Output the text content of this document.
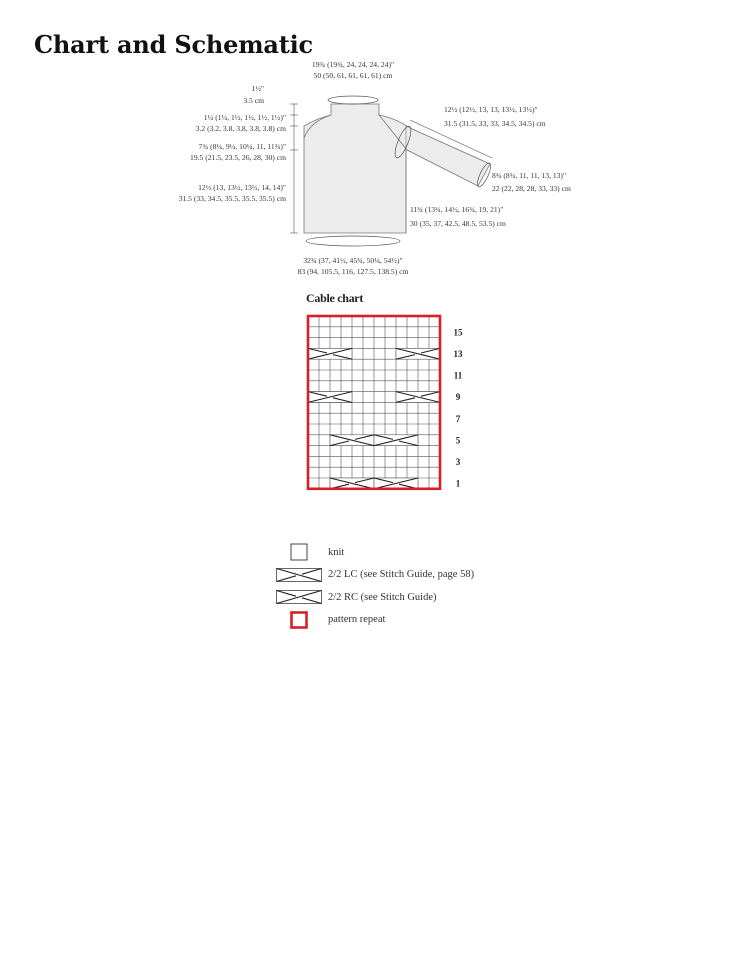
Chart and Schematic
19¾ (19¾, 24, 24, 24, 24)"
50 (50, 61, 61, 61, 61) cm
1½"
3.5 cm
1¼ (1¼, 1½, 1½, 1½, 1½)"
3.2 (3.2, 3.8, 3.8, 3.8, 3.8) cm
7¾ (8¼, 9¼, 10¼, 11, 11¾)"
19.5 (21.5, 23.5, 26, 28, 30) cm
12½ (13, 13½, 13½, 14, 14)"
31.5 (33, 34.5, 35.5, 35.5, 35.5) cm
12½ (12½, 13, 13, 13½, 13½)"
31.5 (31.5, 33, 33, 34.5, 34.5) cm
8¾ (8¾, 11, 11, 13, 13)"
22 (22, 28, 28, 33, 33) cm
11¾ (13¾, 14½, 16¾, 19, 21)"
30 (35, 37, 42.5, 48.5, 53.5) cm
32¾ (37, 41½, 45¾, 50¼, 54½)"
83 (94, 105.5, 116, 127.5, 138.5) cm
Cable chart
15
13
11
9
7
5
3
1
knit
2/2 LC (see Stitch Guide, page 58)
2/2 RC (see Stitch Guide)
pattern repeat
